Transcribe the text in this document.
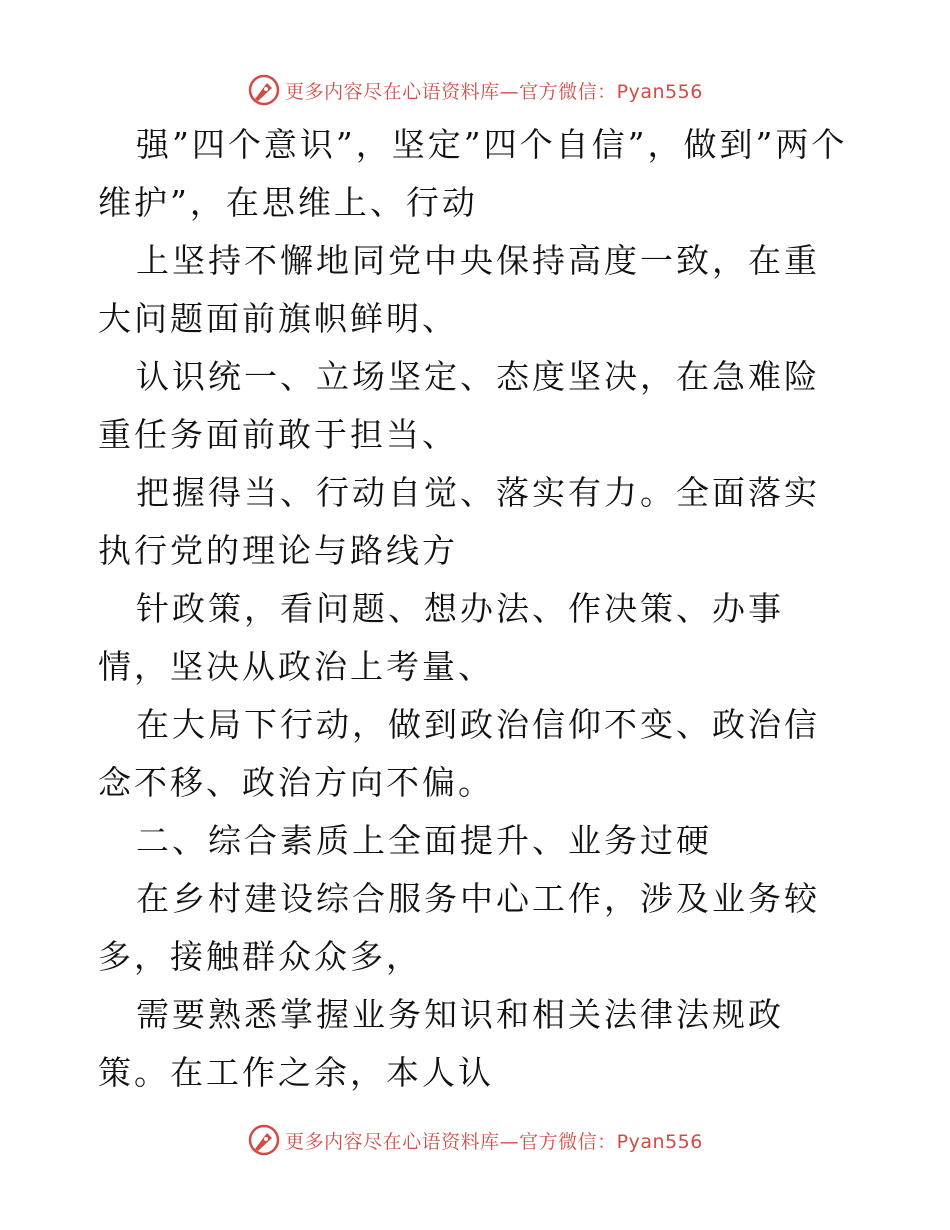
更多内容尽在心语资料库—官方微信：Pyan556

强”四个意识”，坚定”四个自信”，做到”两个维护”，在思维上、行动

上坚持不懈地同党中央保持高度一致，在重大问题面前旗帜鲜明、

认识统一、立场坚定、态度坚决，在急难险重任务面前敢于担当、

把握得当、行动自觉、落实有力。全面落实执行党的理论与路线方

针政策，看问题、想办法、作决策、办事情，坚决从政治上考量、

在大局下行动，做到政治信仰不变、政治信念不移、政治方向不偏。

二、综合素质上全面提升、业务过硬

在乡村建设综合服务中心工作，涉及业务较多，接触群众众多，

需要熟悉掌握业务知识和相关法律法规政策。在工作之余，本人认

更多内容尽在心语资料库—官方微信：Pyan556
